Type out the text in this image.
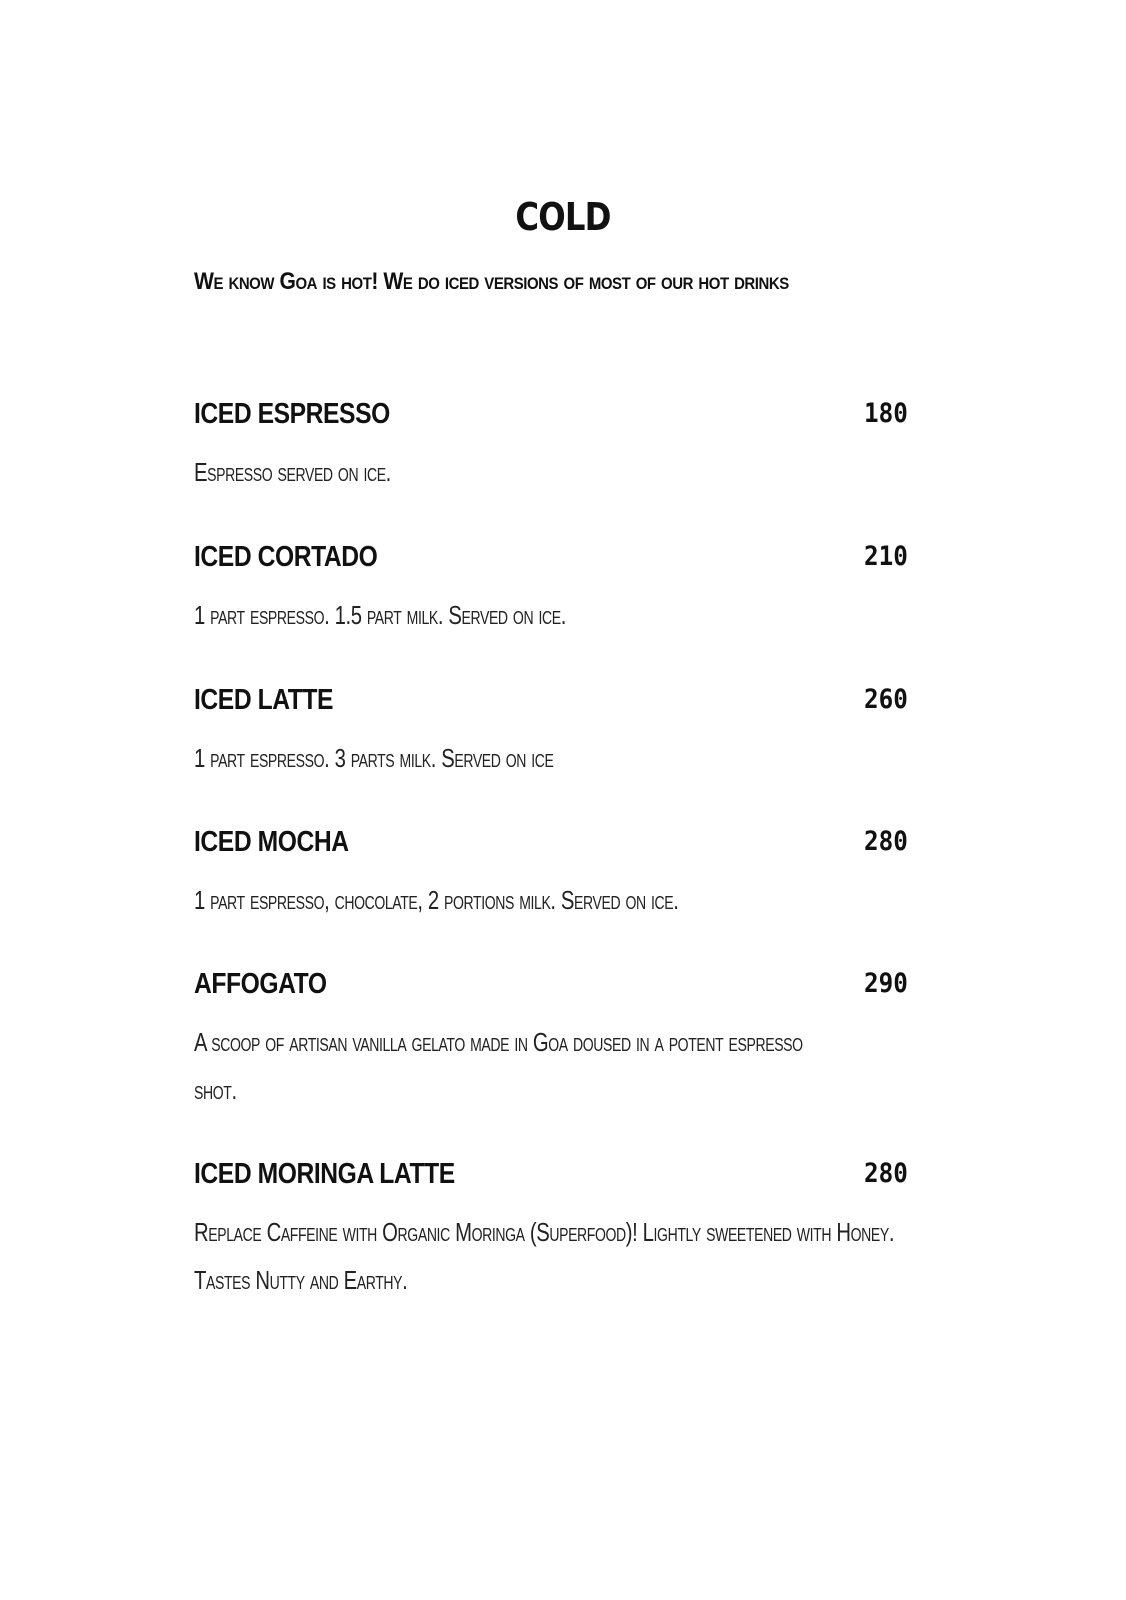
COLD
We know Goa is hot! We do iced versions of most of our hot drinks
ICED ESPRESSO	180
Espresso served on ice.
ICED CORTADO	210
1 part espresso. 1.5 part milk. Served on ice.
ICED LATTE	260
1 part espresso. 3 parts milk. Served on ice
ICED MOCHA	280
1 part espresso, chocolate, 2 portions milk. Served on ice.
AFFOGATO	290
A scoop of artisan vanilla gelato made in Goa doused in a potent espresso shot.
ICED MORINGA LATTE	280
Replace Caffeine with Organic Moringa (Superfood)! Lightly sweetened with Honey. Tastes Nutty and Earthy.
